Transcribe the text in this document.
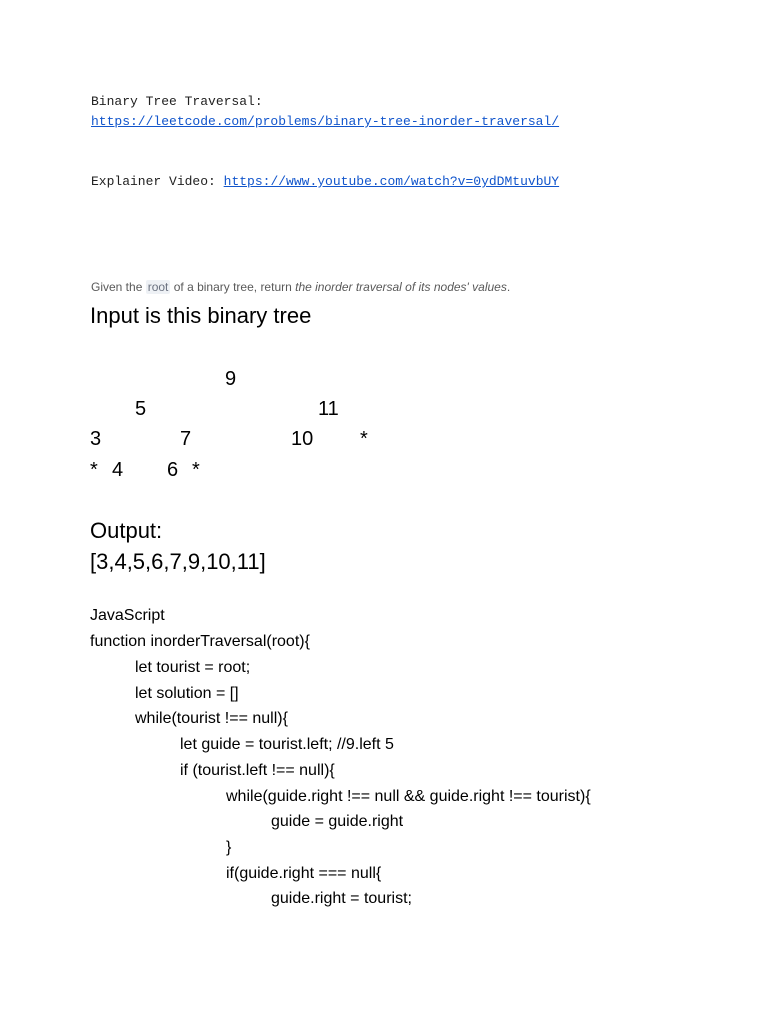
Binary Tree Traversal:
https://leetcode.com/problems/binary-tree-inorder-traversal/
Explainer Video: https://www.youtube.com/watch?v=0ydDMtuvbUY
Given the root of a binary tree, return the inorder traversal of its nodes' values.
Input is this binary tree
9
5	11
3	7	10 *
* 4 6 *
Output:
[3,4,5,6,7,9,10,11]
JavaScript
function inorderTraversal(root){
let tourist = root;
let solution = []
while(tourist !== null){
let guide = tourist.left; //9.left 5
if (tourist.left !== null){
while(guide.right !== null && guide.right !== tourist){
guide = guide.right
}
if(guide.right === null{
guide.right = tourist;
